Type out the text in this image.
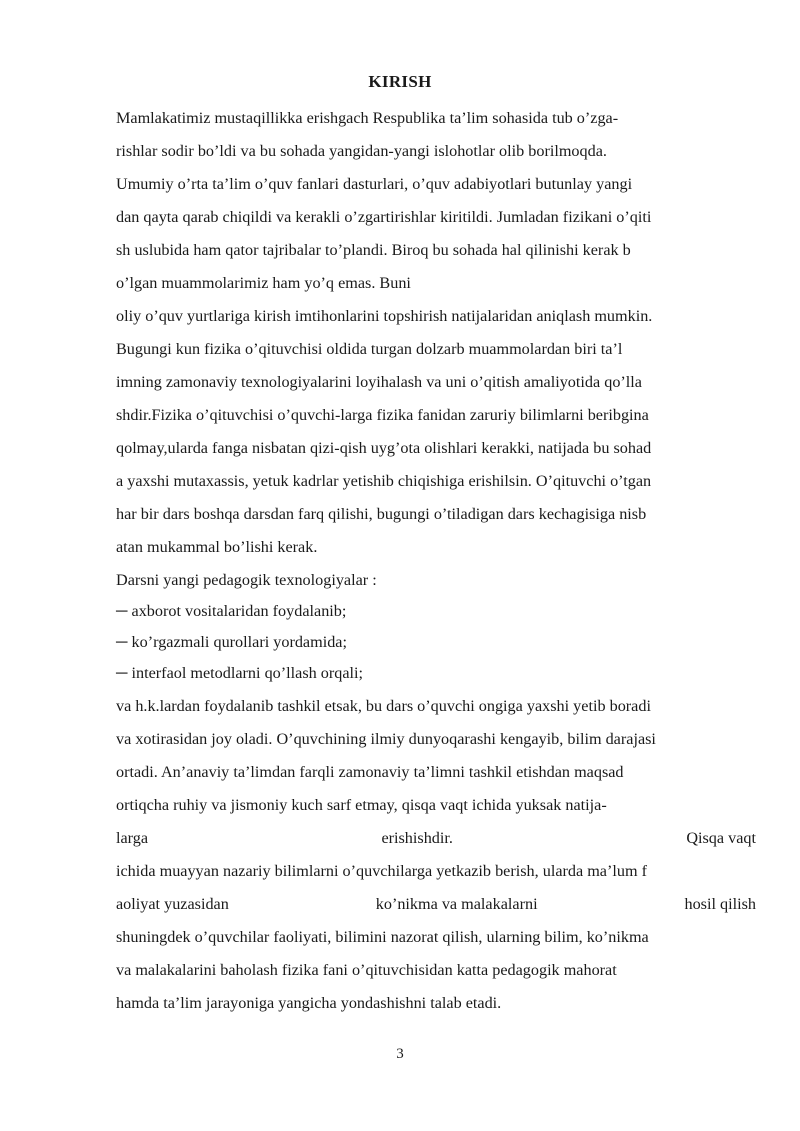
KIRISH
Mamlakatimiz mustaqillikka erishgach Respublika ta’lim sohasida tub o’zga-
rishlar sodir bo’ldi va bu sohada yangidan-yangi islohotlar olib borilmoqda.
Umumiy o’rta ta’lim o’quv fanlari dasturlari, o’quv adabiyotlari butunlay yangi
dan qayta qarab chiqildi va kerakli o’zgartirishlar kiritildi. Jumladan fizikani o’qiti
sh uslubida ham qator tajribalar to’plandi. Biroq bu sohada hal qilinishi kerak b
o’lgan muammolarimiz ham yo’q emas. Buni
oliy o’quv yurtlariga kirish imtihonlarini topshirish natijalaridan aniqlash mumkin.
Bugungi kun fizika o’qituvchisi oldida turgan dolzarb muammolardan biri ta’l
imning zamonaviy texnologiyalarini loyihalash va uni o’qitish amaliyotida qo’lla
shdir.Fizika o’qituvchisi o’quvchi-larga fizika fanidan zaruriy bilimlarni beribgina
qolmay,ularda fanga nisbatan qizi-qish uyg’ota olishlari kerakki, natijada bu sohad
a yaxshi mutaxassis, yetuk kadrlar yetishib chiqishiga erishilsin. O’qituvchi o’tgan
har bir dars boshqa darsdan farq qilishi, bugungi o’tiladigan dars kechagisiga nisb
atan mukammal bo’lishi kerak.
Darsni yangi pedagogik texnologiyalar :
─ axborot vositalaridan foydalanib;
─ ko’rgazmali qurollari yordamida;
─ interfaol metodlarni qo’llash orqali;
va h.k.lardan foydalanib tashkil etsak, bu dars o’quvchi ongiga yaxshi yetib boradi
va xotirasidan joy oladi. O’quvchining ilmiy dunyoqarashi kengayib, bilim darajasi
ortadi. An’anaviy ta’limdan farqli zamonaviy ta’limni tashkil etishdan maqsad
ortiqcha ruhiy va jismoniy kuch sarf etmay, qisqa vaqt ichida yuksak natija-
larga	erishishdir.	Qisqa vaqt
ichida muayyan nazariy bilimlarni o’quvchilarga yetkazib berish, ularda ma’lum f
aoliyat yuzasidan	ko’nikma va malakalarni	hosil qilish
shuningdek o’quvchilar faoliyati, bilimini nazorat qilish, ularning bilim, ko’nikma
va malakalarini baholash fizika fani o’qituvchisidan katta pedagogik mahorat
hamda ta’lim jarayoniga yangicha yondashishni talab etadi.
3
